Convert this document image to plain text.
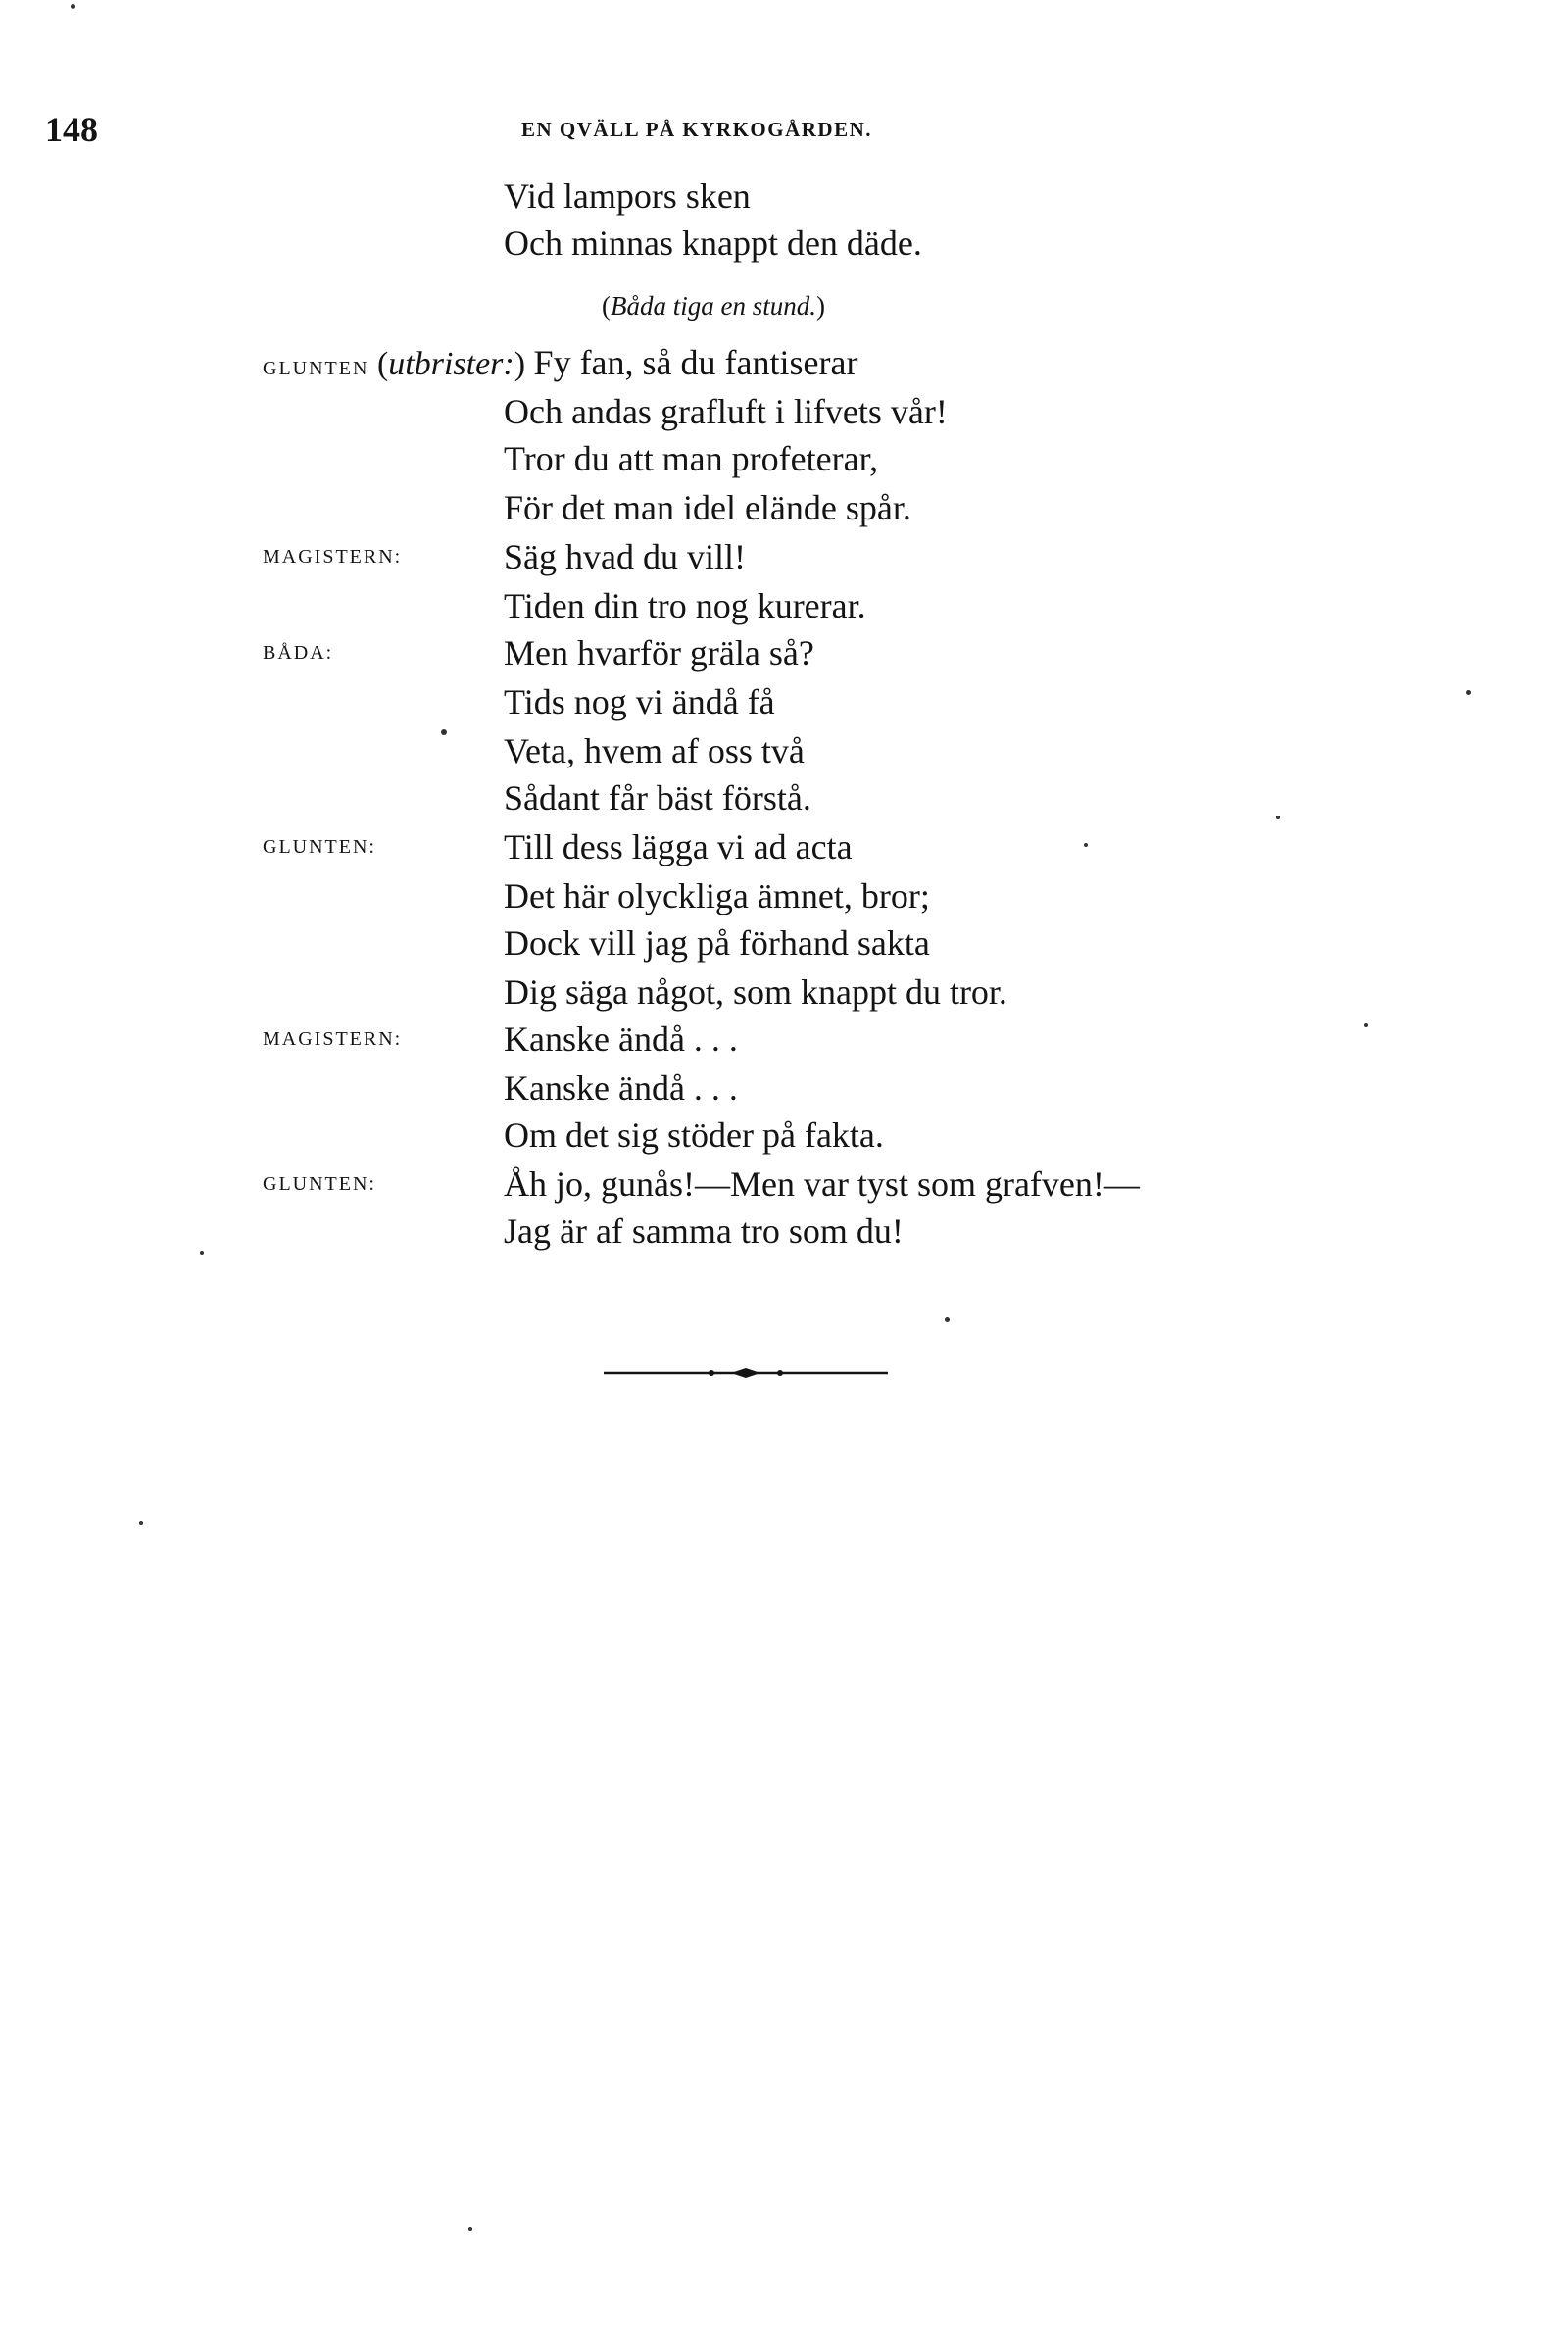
148	EN QVÄLL PÅ KYRKOGÅRDEN.
Vid lampors sken
Och minnas knappt den däde.
(Båda tiga en stund.)
GLUNTEN (utbrister:) Fy fan, så du fantiserar
Och andas grafluft i lifvets vår!
Tror du att man profeterar,
För det man idel elände spår.
MAGISTERN:	Säg hvad du vill!
Tiden din tro nog kurerar.
BÅDA:	Men hvarför gräla så?
Tids nog vi ändå få
Veta, hvem af oss två
Sådant får bäst förstå.
GLUNTEN:	Till dess lägga vi ad acta
Det här olyckliga ämnet, bror;
Dock vill jag på förhand sakta
Dig säga något, som knappt du tror.
MAGISTERN:	Kanske ändå . . .
Kanske ändå . . .
Om det sig stöder på fakta.
GLUNTEN:	Åh jo, gunås!—Men var tyst som grafven!—
Jag är af samma tro som du!
